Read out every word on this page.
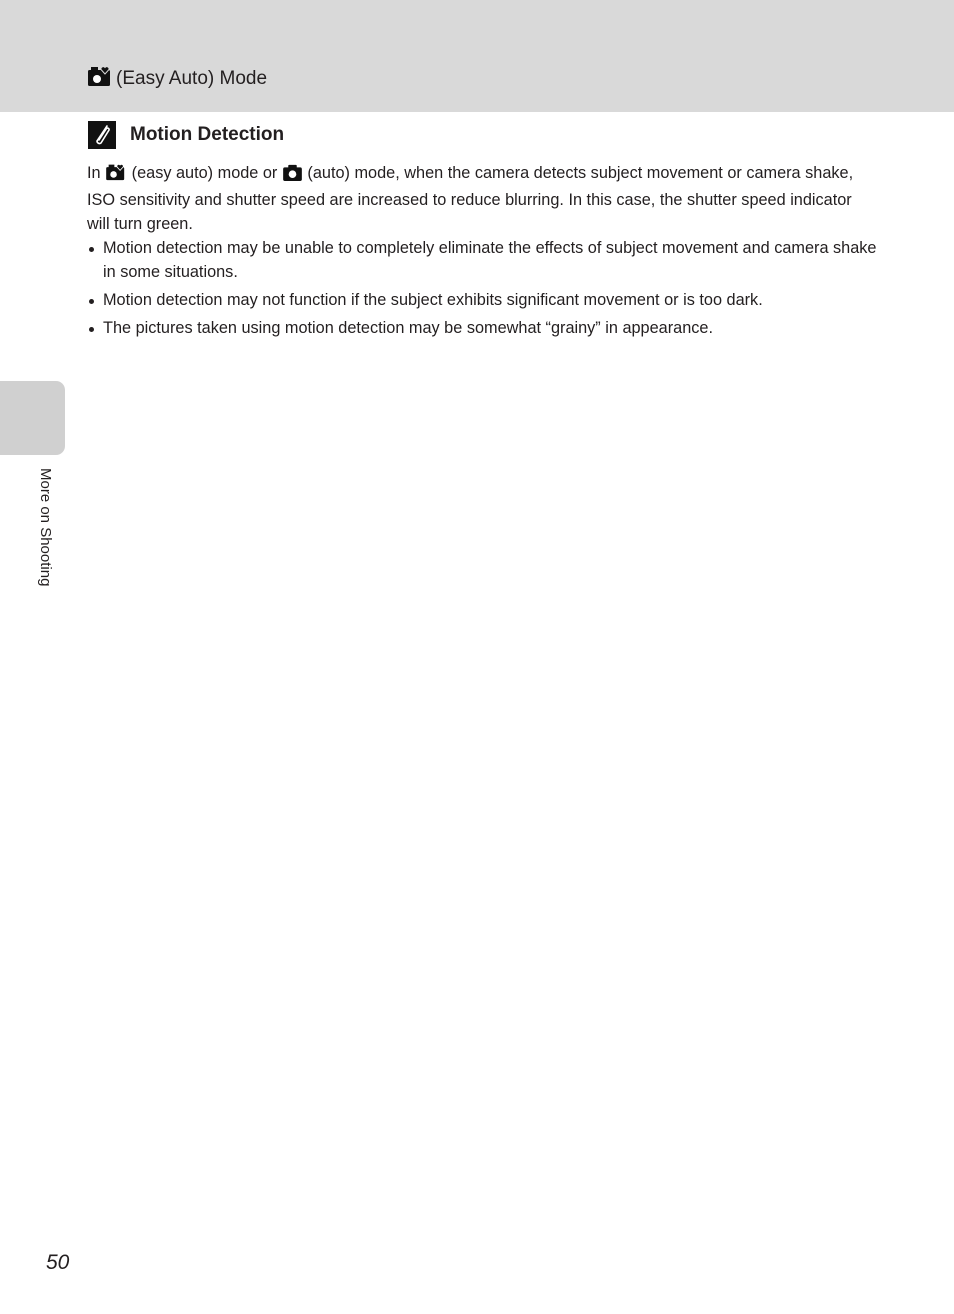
(Easy Auto) Mode
Motion Detection

In (easy auto) mode or (auto) mode, when the camera detects subject movement or camera shake, ISO sensitivity and shutter speed are increased to reduce blurring. In this case, the shutter speed indicator will turn green.

Motion detection may be unable to completely eliminate the effects of subject movement and camera shake in some situations.
Motion detection may not function if the subject exhibits significant movement or is too dark.
The pictures taken using motion detection may be somewhat “grainy” in appearance.
More on Shooting
50
